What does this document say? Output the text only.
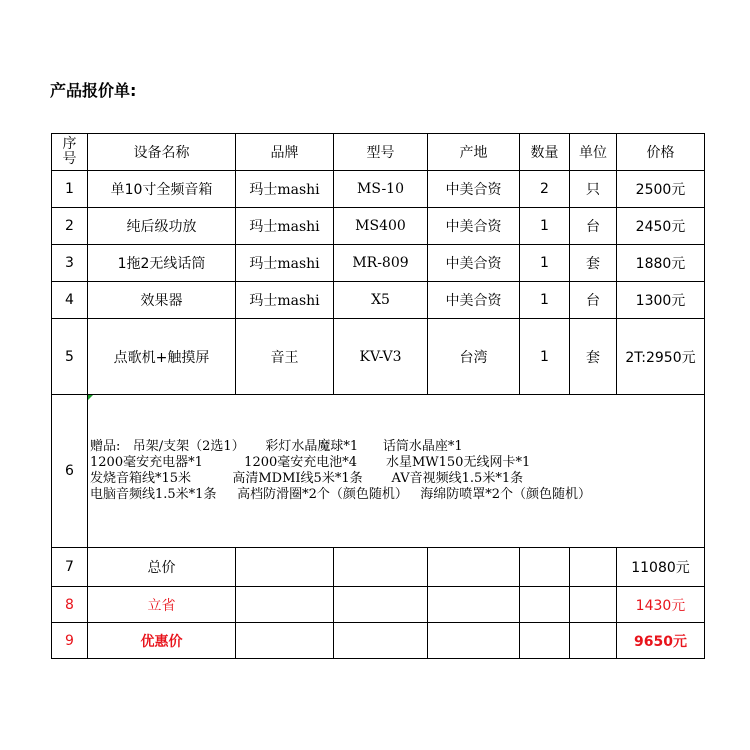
产品报价单:
序
号	设备名称	品牌	型号	产地	数量	单位	价格
1	单10寸全频音箱	玛士mashi	MS-10	中美合资	2	只	2500元
2	纯后级功放	玛士mashi	MS400	中美合资	1	台	2450元
3	1拖2无线话筒	玛士mashi	MR-809	中美合资	1	套	1880元
4	效果器	玛士mashi	X5	中美合资	1	台	1300元
5	点歌机+触摸屏	音王	KV-V3	台湾	1	套	2T:2950元
6	赠品:   吊架/支架（2选1）     彩灯水晶魔球*1      话筒水晶座*1
1200毫安充电器*1          1200毫安充电池*4       水星MW150无线网卡*1
发烧音箱线*15米          高清MDMI线5米*1条       AV音视频线1.5米*1条
电脑音频线1.5米*1条     高档防滑圈*2个（颜色随机）   海绵防喷罩*2个（颜色随机）						

7	总价						11080元
8	立省						1430元
9	优惠价						9650元
